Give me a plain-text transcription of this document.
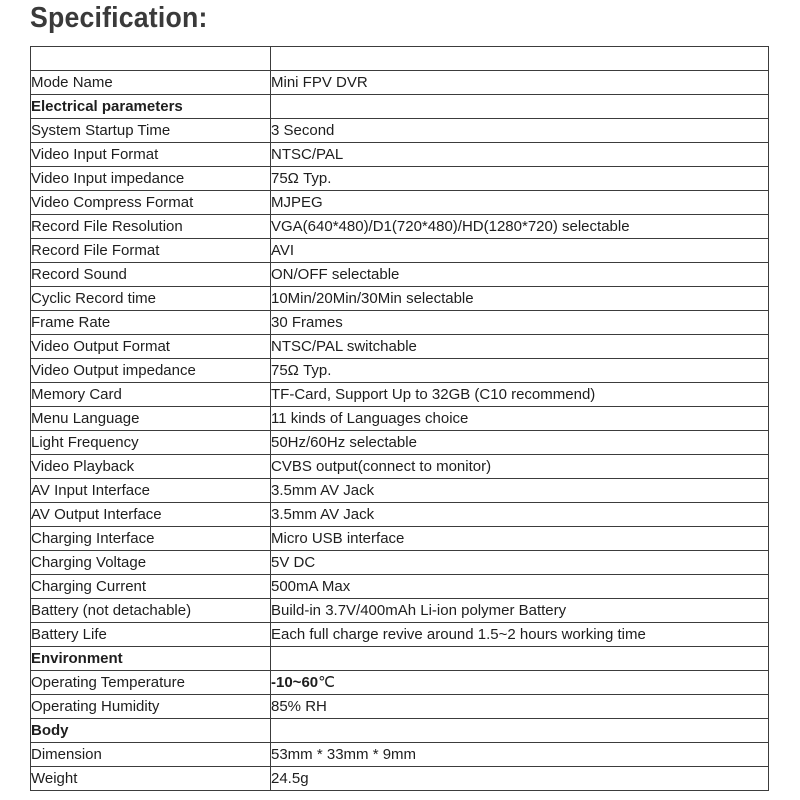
Specification:

Mode Name	Mini FPV DVR
Electrical parameters	
System Startup Time	3 Second
Video Input Format	NTSC/PAL
Video Input impedance	75Ω Typ.
Video Compress Format	MJPEG
Record File Resolution	VGA(640*480)/D1(720*480)/HD(1280*720) selectable
Record File Format	AVI
Record Sound	ON/OFF selectable
Cyclic Record time	10Min/20Min/30Min selectable
Frame Rate	30 Frames
Video Output Format	NTSC/PAL switchable
Video Output impedance	75Ω Typ.
Memory Card	TF-Card, Support Up to 32GB (C10 recommend)
Menu Language	11 kinds of Languages choice
Light Frequency	50Hz/60Hz selectable
Video Playback	CVBS output(connect to monitor)
AV Input Interface	3.5mm AV Jack
AV Output Interface	3.5mm AV Jack
Charging Interface	Micro USB interface
Charging Voltage	5V DC
Charging Current	500mA Max
Battery (not detachable)	Build-in 3.7V/400mAh Li-ion polymer Battery
Battery Life	Each full charge revive around 1.5~2 hours working time
Environment	
Operating Temperature	-10~60℃
Operating Humidity	85% RH
Body	
Dimension	53mm * 33mm * 9mm
Weight	24.5g
